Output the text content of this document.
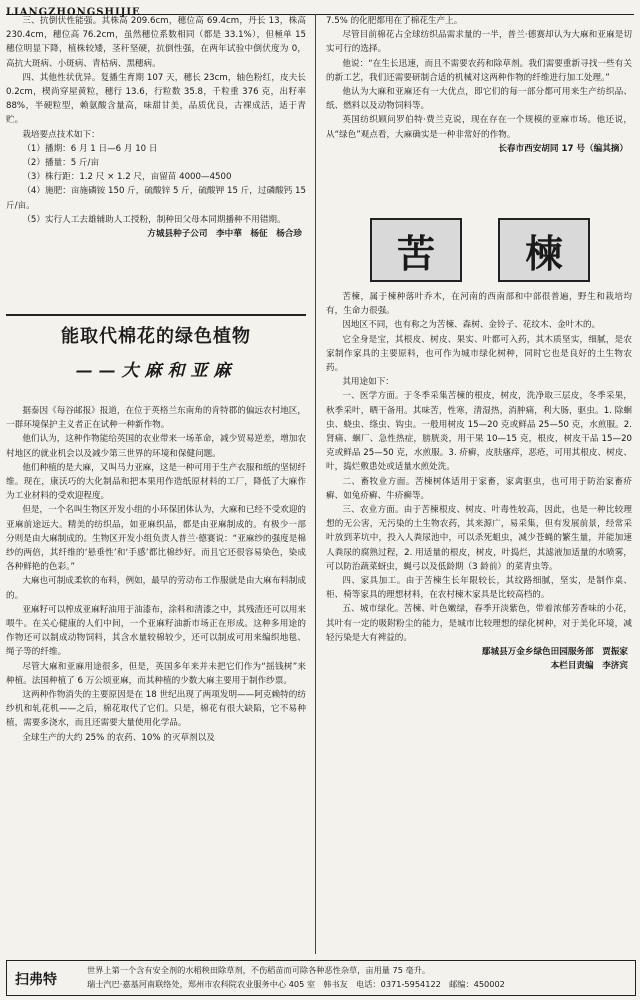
LIANGZHONGSHIJIE

三、抗倒伏性能强。其株高 209.6cm，穗位高 69.4cm，丹长 13，株高 230.4cm，穗位高 76.2cm，虽然穗位系数相同（都是 33.1%），但極单 15 穗位明显下降，植株较矮，茎秆坚硬，抗倒性强，在两年试验中倒伏度为 0，高抗大斑病、小斑病、青枯病、黑穗病。

四、其他性状优异。复播生育期 107 天，穗长 23cm，轴色粉红，皮夫长 0.2cm，楔尚穿屋黄粒，穗行 13.6，行粒数 35.8，千粒重 376 克，出籽率 88%，半硬粒型，赖氨酸含量高，味甜甘美，品质优良，古裸成活，适于青贮。

栽培要点技术如下：

（1）播期：6 月 1 日—6 月 10 日

（2）播量：5 斤/亩

（3）株行距：1.2 尺 × 1.2 尺，亩留苗 4000—4500

（4）施肥：亩施磷铵 150 斤，硫酸锌 5 斤，硫酸钾 15 斤，过磷酸钙 15 斤/亩。

（5）实行人工去雄辅助人工授粉，制种田父母本同期播种不用错期。

方城县种子公司　李中華　杨征　杨合珍
能取代棉花的绿色植物
——大麻和亚麻

据泰因《每谷邮报》报道，在位于英格兰东南角的肯特郡的偏远农村地区，一群环境保护主义者正在试种一种新作物。

他们认为，这种作物能给英国的农业带来一场革命，减少贸易逆差，增加农村地区的就业机会以及减少第三世界的环境和保健问题。

他们种植的是大麻，又叫马力亚麻，这是一种可用于生产衣服和纸的坚韧纤维。现在，康沃巧的大化制品和把本果用作造纸原材料的工厂，降低了大麻作为工业材料的受欢迎程度。

但是，一个名叫生物区开发小组的小环保团体认为，大麻和已经不受欢迎的亚麻前途远大。精美的纺织品，如亚麻织品，都是由亚麻制成的。有极少一部分则是由大麻制成的。生物区开发小组负责人普兰·德赛说：“亚麻纱的强度是棉纱的两倍，其纤维的‘悬垂性’和‘手感’都比棉纱好。而且它还很容易染色，染成各种鲜艳的色彩。”

大麻也可制成柔软的布料，例如，最早的劳动布工作服就是由大麻布料制成的。

亚麻籽可以榨成亚麻籽油用于油漆布，涂料和清漆之中，其残渣还可以用来喂牛。在关心健康的人们中间，一个亚麻籽油新市场正在形成。这种多用途的作物还可以制成动物饲料，其含水量较棉较少，还可以制成可用来编织地毯、绳子等的纤维。

尽管大麻和亚麻用途很多，但是，英国多年来并未把它们作为“摇钱树”来种植。法国种植了 6 万公顷亚麻，而其种植的少数大麻主要用于制作纱票。

这两种作物消失的主要原因是在 18 世纪出现了两项发明——阿克赖特的纺纱机和轧花机——之后，棉花取代了它们。只是，棉花有很大缺陷，它不易种植，需要多浇水，而且还需要大量使用化学品。

全球生产的大约 25% 的农药、10% 的灭草剂以及

7.5% 的化肥都用在了棉花生产上。

尽管目前棉花占全球纺织品需求量的一半，普兰·德赛却认为大麻和亚麻是切实可行的选择。

他说：“在生长迅速，而且不需要农药和除草剂。我们需要重新寻找一些有关的新工艺，我们还需要研制合适的机械对这两种作物的纤维进行加工处理。”

他认为大麻和亚麻还有一大优点，即它们的每一部分都可用来生产纺织品、纸、燃料以及动物饲料等。

英国纺织顾问罗伯特·费兰克说，现在存在一个规模的亚麻市场。他还说，从“绿色”观点看，大麻确实是一种非常好的作物。

长春市西安胡同 17 号（编其摘）
苦	楝

苦楝，属于楝种落叶乔木，在河南的西南部和中部很普遍，野生和栽培均有，生命力很强。

因地区不同，也有称之为苦楝、森树、金铃子、花纹木、金叶木的。

它全身是宝，其根皮、树皮、果实、叶都可入药，其木质坚实，细腻，是农家制作家具的主要原料，也可作为城市绿化树种，同时它也是良好的土生物农药。

其用途如下：

一、医学方面。于冬季采集苦楝的根皮，树皮，洗净取三层皮，冬季采果，秋季采叶，晒干备用。其味苦，性寒，清湿热，消肿痛，利大肠，驱虫。1. 除蛔虫、蛲虫、绦虫、钩虫。一般用树皮 15—20 克或鲜品 25—50 克，水煎服。2. 肾痛、蛔厂、急性热症，膀胱炎，用干果 10—15 克，根皮，树皮干品 15—20 克或鲜品 25—50 克，水煎服。3. 疥癣，皮肤瘙痒，恶疮，可用其根皮、树皮、叶，捣烂敷患处或适量水煎处洗。

二、畜牧业方面。苦楝树体适用于家畜，家禽驱虫，也可用于防治家畜疥癣、如兔疥癣、牛疥癣等。

三、农业方面。由于苦楝根皮、树皮、叶毒性较高，因此，也是一种比较理想的无公害，无污染的土生物农药，其来源广，易采集，但有发展前景，经常采叶放到茅坑中，投入人粪尿池中，可以杀死蛆虫，减少苍蝇的繁生量，并能加速人粪尿的腐熟过程，2. 用适量的根皮，树皮，叶捣烂，其滤液加适量的水喷雾，可以防治蔬菜蚜虫，蝇弓以及低龄期（3 龄前）的菜青虫等。

四、家具加工。由于苦楝生长年限较长，其纹路细腻，坚实，是制作桌、柜、椅等家具的理想材料，在农村楝木家具是比较高档的。

五、城市绿化。苦楝、叶色嫩绿，春季开淡紫色，带着浓郁芳香味的小花，其叶有一定的吸附粉尘的能力，是城市比较理想的绿化树种，对于美化环境，减轻污染是大有裨益的。

鄢城县万金乡绿色田园服务部　贾振家
本栏目责编　李济宾
扫弗特
世界上第一个含有安全剂的水稻秧田除草剂，不伤稻苗而可除各种恶性杂草，亩用量 75 毫升。
瑞士汽巴·嘉基河南联络处，郑州市农科院农业服务中心 405 室　韩书友　电话：0371-5954122　邮编：450002
